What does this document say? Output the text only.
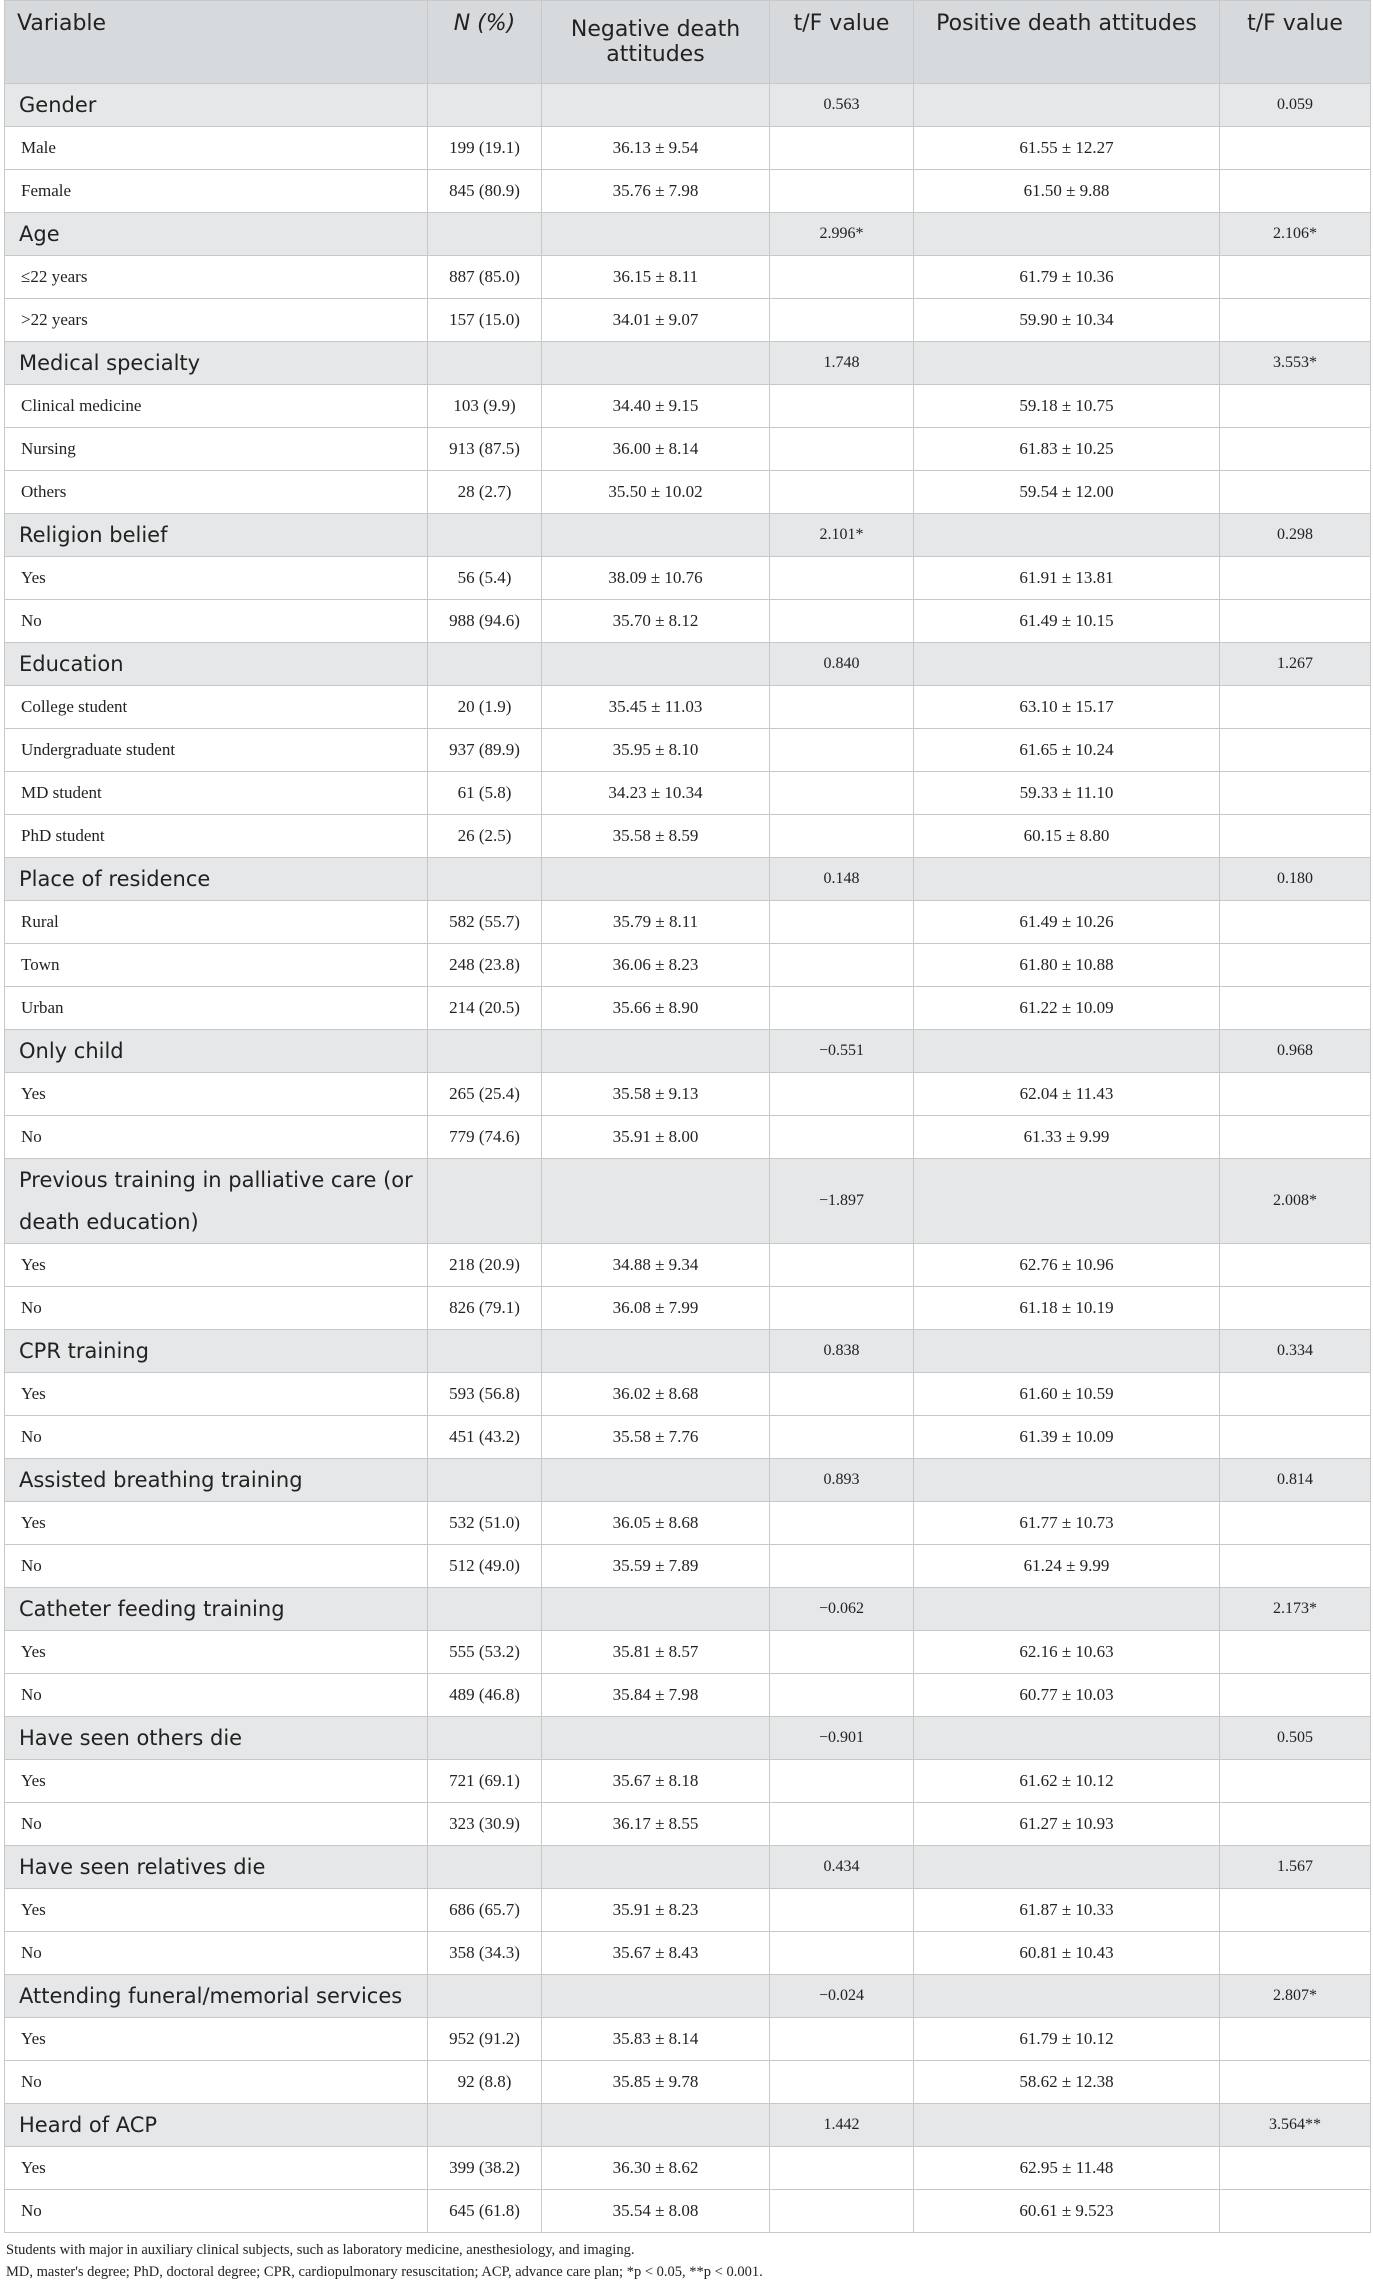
Variable	N (%)	Negative death attitudes	t/F value	Positive death attitudes	t/F value
Gender			0.563		0.059
Male	199 (19.1)	36.13 ± 9.54		61.55 ± 12.27	
Female	845 (80.9)	35.76 ± 7.98		61.50 ± 9.88	
Age			2.996*		2.106*
≤22 years	887 (85.0)	36.15 ± 8.11		61.79 ± 10.36	
>22 years	157 (15.0)	34.01 ± 9.07		59.90 ± 10.34	
Medical specialty			1.748		3.553*
Clinical medicine	103 (9.9)	34.40 ± 9.15		59.18 ± 10.75	
Nursing	913 (87.5)	36.00 ± 8.14		61.83 ± 10.25	
Others	28 (2.7)	35.50 ± 10.02		59.54 ± 12.00	
Religion belief			2.101*		0.298
Yes	56 (5.4)	38.09 ± 10.76		61.91 ± 13.81	
No	988 (94.6)	35.70 ± 8.12		61.49 ± 10.15	
Education			0.840		1.267
College student	20 (1.9)	35.45 ± 11.03		63.10 ± 15.17	
Undergraduate student	937 (89.9)	35.95 ± 8.10		61.65 ± 10.24	
MD student	61 (5.8)	34.23 ± 10.34		59.33 ± 11.10	
PhD student	26 (2.5)	35.58 ± 8.59		60.15 ± 8.80	
Place of residence			0.148		0.180
Rural	582 (55.7)	35.79 ± 8.11		61.49 ± 10.26	
Town	248 (23.8)	36.06 ± 8.23		61.80 ± 10.88	
Urban	214 (20.5)	35.66 ± 8.90		61.22 ± 10.09	
Only child			−0.551		0.968
Yes	265 (25.4)	35.58 ± 9.13		62.04 ± 11.43	
No	779 (74.6)	35.91 ± 8.00		61.33 ± 9.99	
Previous training in palliative care (or death education)			−1.897		2.008*
Yes	218 (20.9)	34.88 ± 9.34		62.76 ± 10.96	
No	826 (79.1)	36.08 ± 7.99		61.18 ± 10.19	
CPR training			0.838		0.334
Yes	593 (56.8)	36.02 ± 8.68		61.60 ± 10.59	
No	451 (43.2)	35.58 ± 7.76		61.39 ± 10.09	
Assisted breathing training			0.893		0.814
Yes	532 (51.0)	36.05 ± 8.68		61.77 ± 10.73	
No	512 (49.0)	35.59 ± 7.89		61.24 ± 9.99	
Catheter feeding training			−0.062		2.173*
Yes	555 (53.2)	35.81 ± 8.57		62.16 ± 10.63	
No	489 (46.8)	35.84 ± 7.98		60.77 ± 10.03	
Have seen others die			−0.901		0.505
Yes	721 (69.1)	35.67 ± 8.18		61.62 ± 10.12	
No	323 (30.9)	36.17 ± 8.55		61.27 ± 10.93	
Have seen relatives die			0.434		1.567
Yes	686 (65.7)	35.91 ± 8.23		61.87 ± 10.33	
No	358 (34.3)	35.67 ± 8.43		60.81 ± 10.43	
Attending funeral/memorial services			−0.024		2.807*
Yes	952 (91.2)	35.83 ± 8.14		61.79 ± 10.12	
No	92 (8.8)	35.85 ± 9.78		58.62 ± 12.38	
Heard of ACP			1.442		3.564**
Yes	399 (38.2)	36.30 ± 8.62		62.95 ± 11.48	
No	645 (61.8)	35.54 ± 8.08		60.61 ± 9.523	

Students with major in auxiliary clinical subjects, such as laboratory medicine, anesthesiology, and imaging.

MD, master's degree; PhD, doctoral degree; CPR, cardiopulmonary resuscitation; ACP, advance care plan; *p < 0.05, **p < 0.001.
